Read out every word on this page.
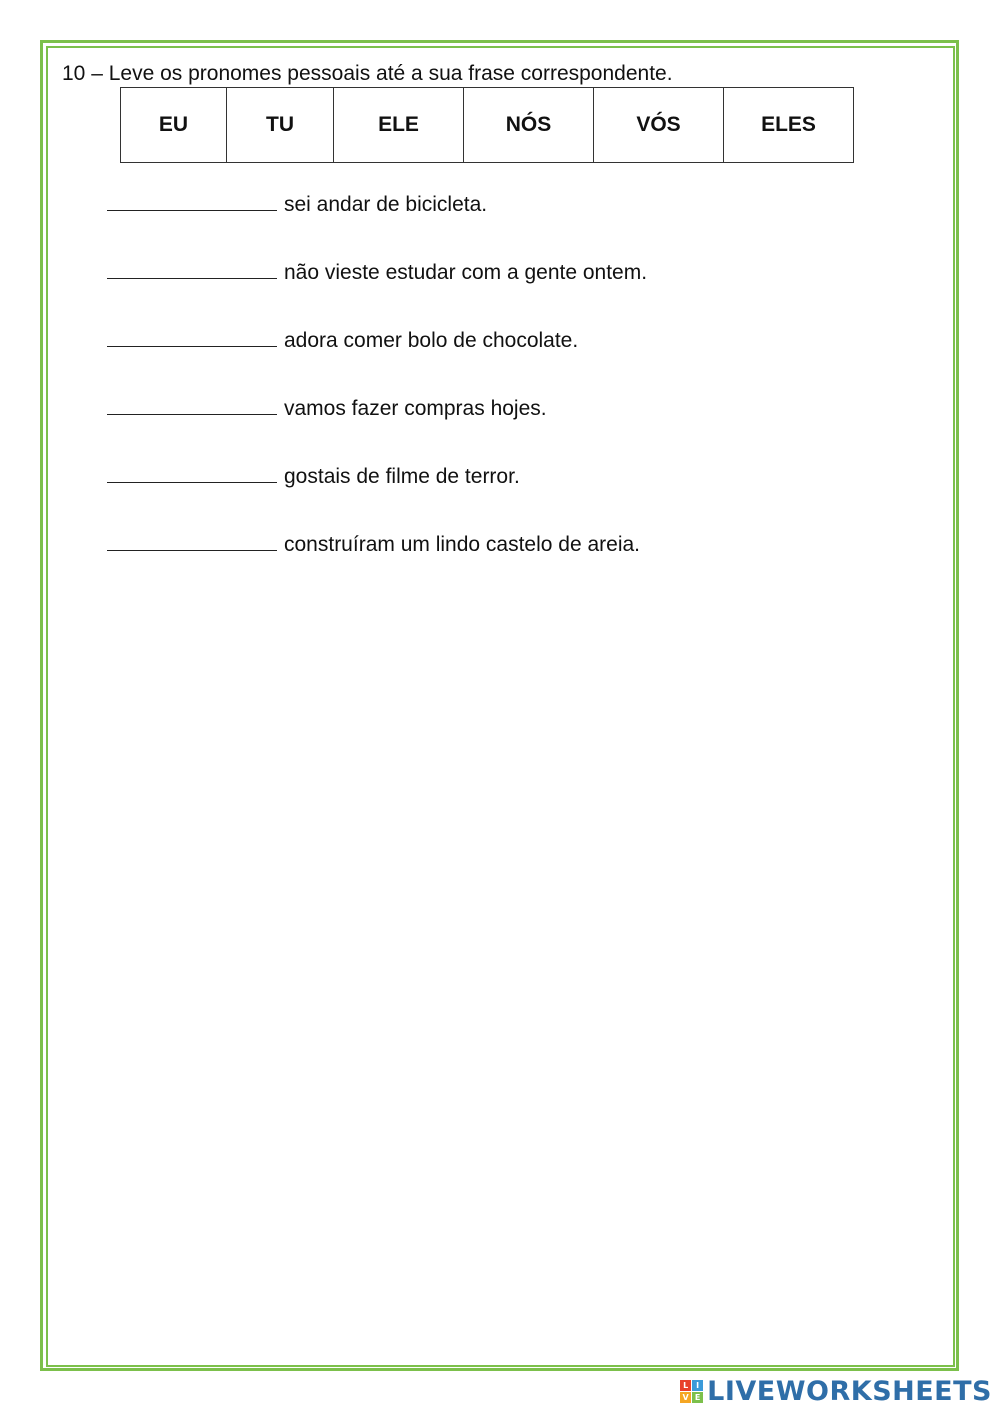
10 – Leve os pronomes pessoais até a sua frase correspondente.
EU	TU	ELE	NÓS	VÓS	ELES
sei andar de bicicleta.
não vieste estudar com a gente ontem.
adora comer bolo de chocolate.
vamos fazer compras hojes.
gostais de filme de terror.
construíram um lindo castelo de areia.
L I
V E LIVEWORKSHEETS
